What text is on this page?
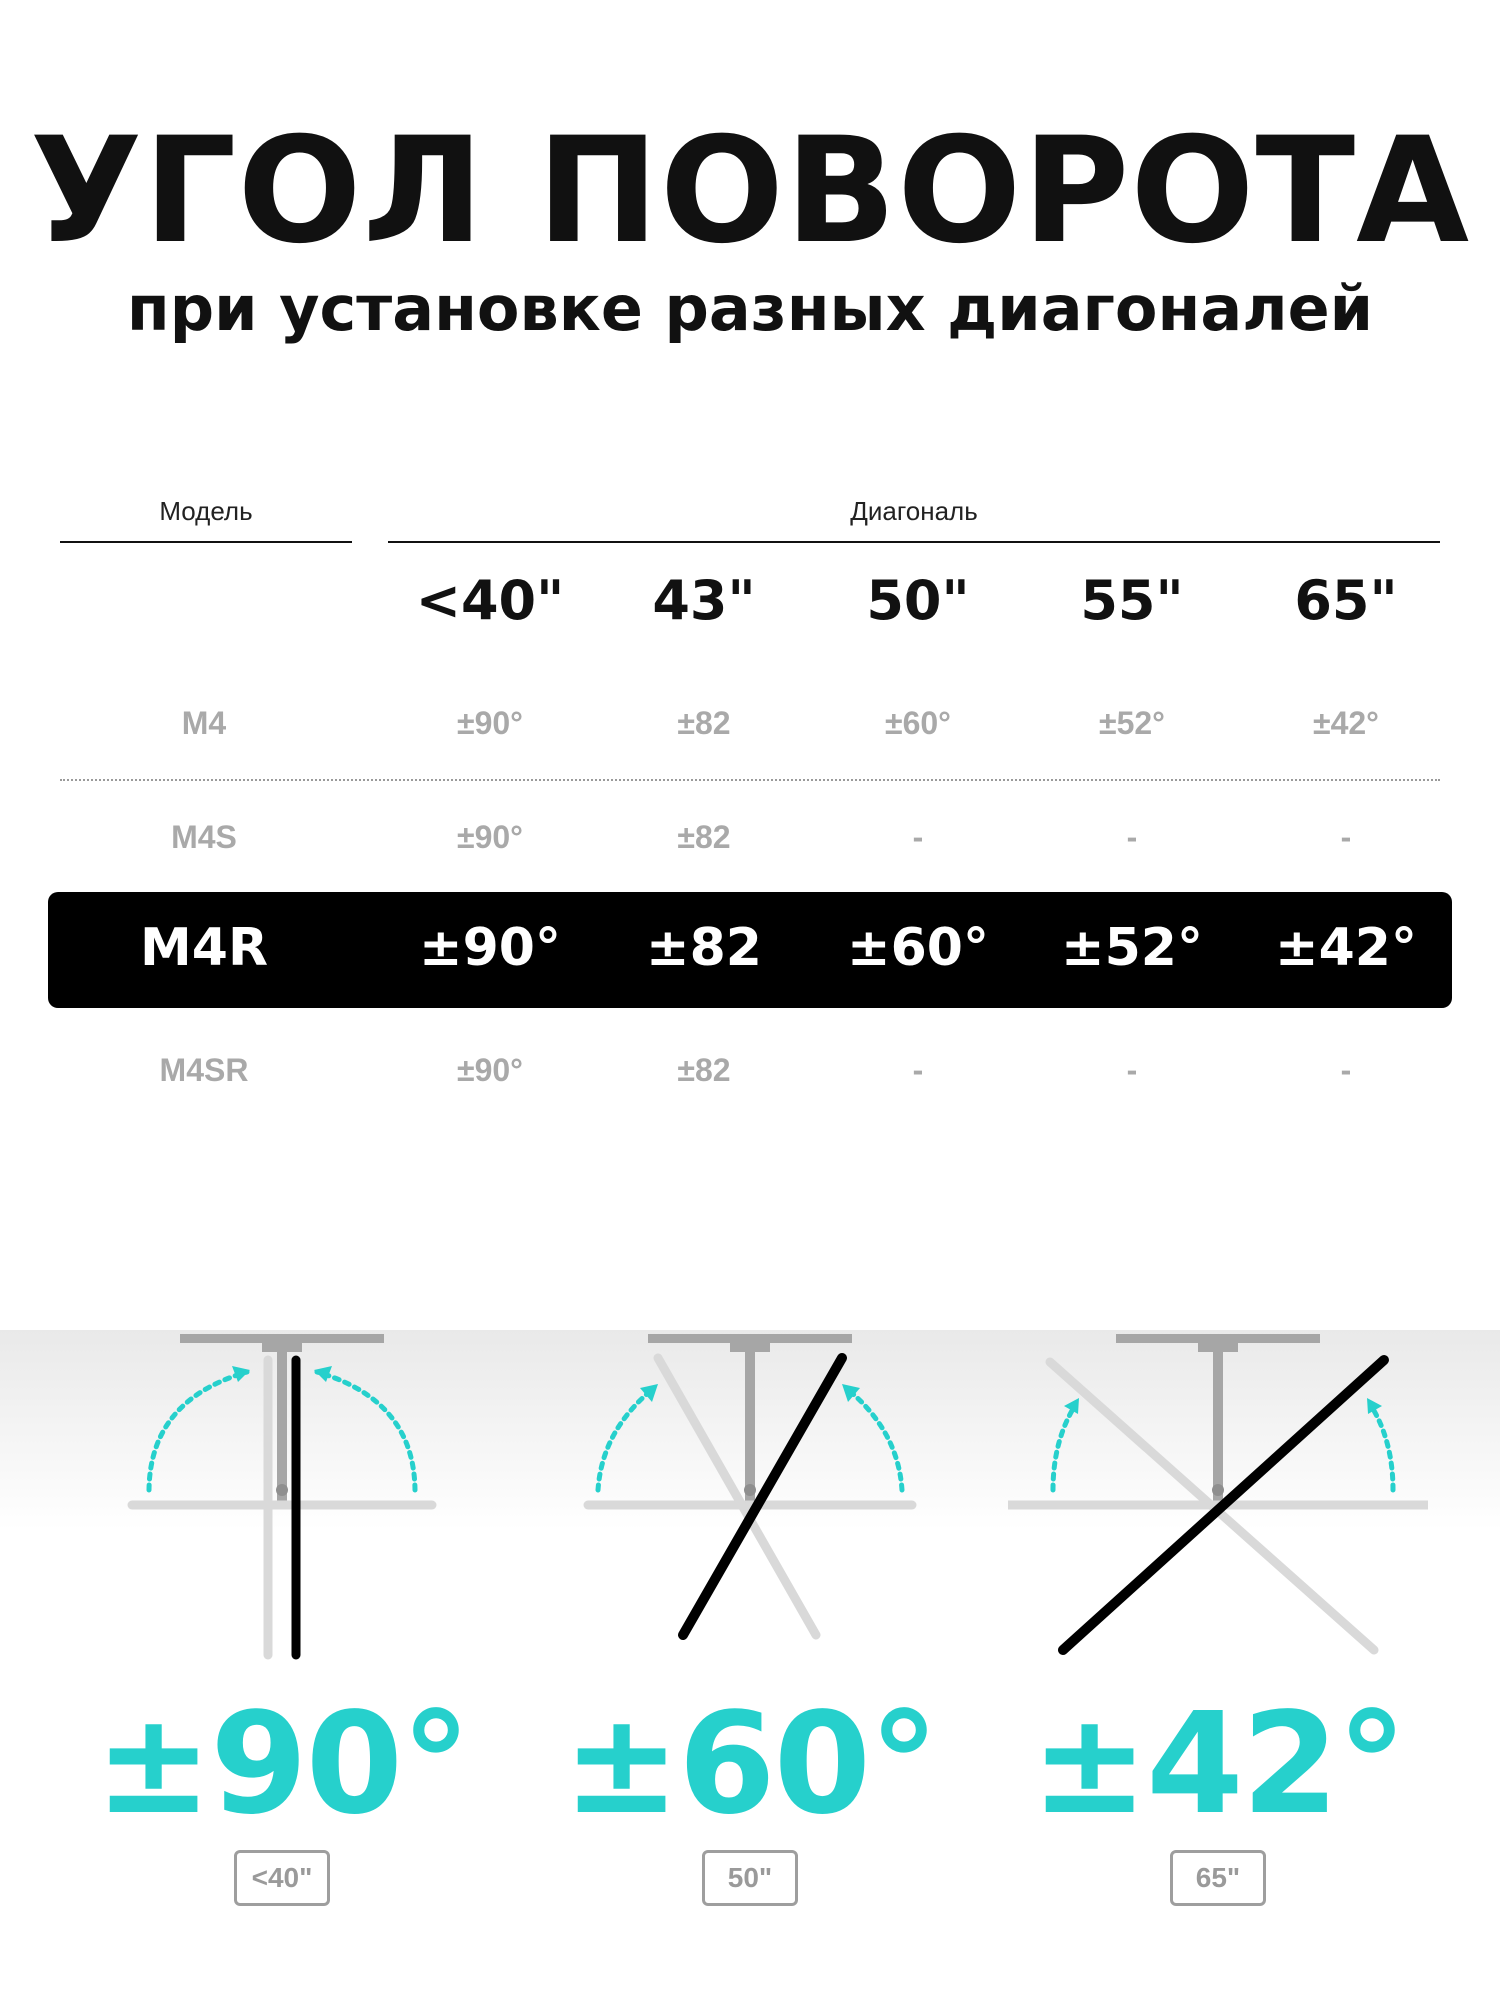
УГОЛ ПОВОРОТА
при установке разных диагоналей
Модель	Диагональ
<40"	43"	50"	55"	65"
M4	±90°	±82	±60°	±52°	±42°
M4S	±90°	±82	-	-	-
M4R	±90°	±82	±60°	±52°	±42°
M4SR	±90°	±82	-	-	-
±90° ±60° ±42°
<40"	50"	65"
